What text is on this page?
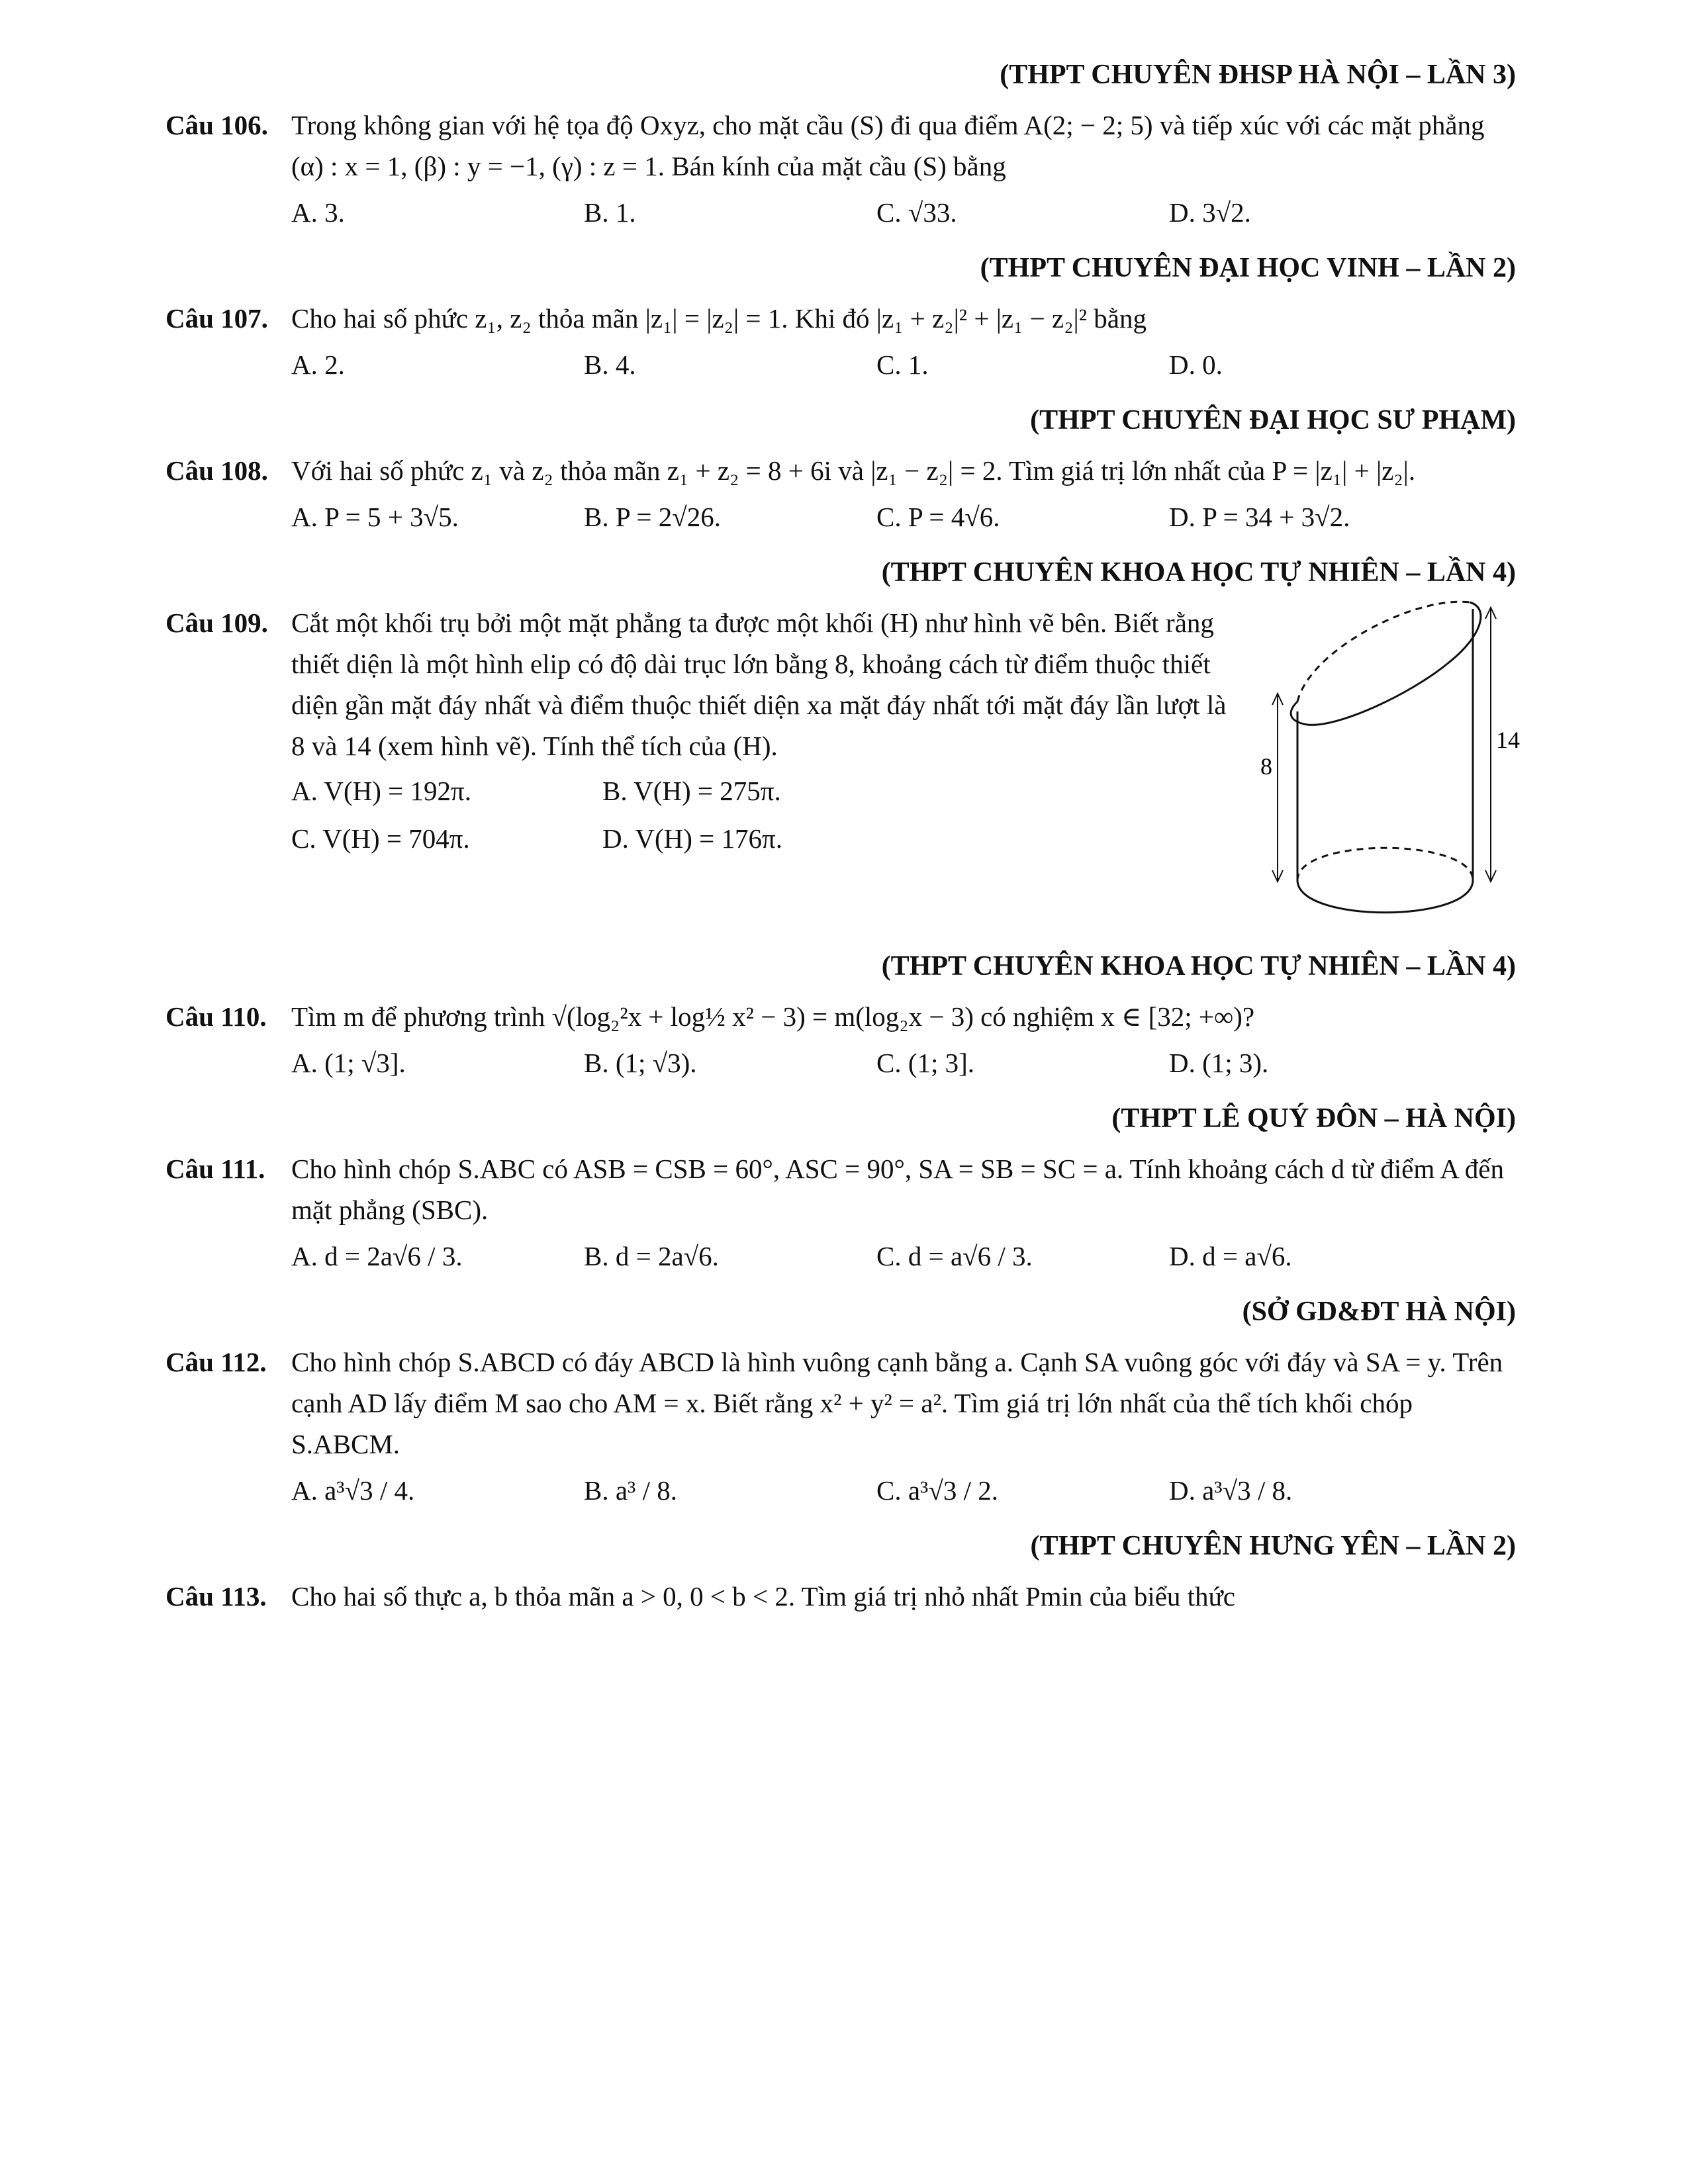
(THPT CHUYÊN ĐHSP HÀ NỘI – LẦN 3)
Câu 106. Trong không gian với hệ tọa độ Oxyz, cho mặt cầu (S) đi qua điểm A(2; − 2; 5) và tiếp xúc với các mặt phẳng (α) : x = 1, (β) : y = −1, (γ) : z = 1. Bán kính của mặt cầu (S) bằng
A. 3.	B. 1.	C. √33.	D. 3√2.
(THPT CHUYÊN ĐẠI HỌC VINH – LẦN 2)
Câu 107. Cho hai số phức z₁, z₂ thỏa mãn |z₁| = |z₂| = 1. Khi đó |z₁ + z₂|² + |z₁ − z₂|² bằng
A. 2.	B. 4.	C. 1.	D. 0.
(THPT CHUYÊN ĐẠI HỌC SƯ PHẠM)
Câu 108. Với hai số phức z₁ và z₂ thỏa mãn z₁ + z₂ = 8 + 6i và |z₁ − z₂| = 2. Tìm giá trị lớn nhất của P = |z₁| + |z₂|.
A. P = 5 + 3√5.	B. P = 2√26.	C. P = 4√6.	D. P = 34 + 3√2.
(THPT CHUYÊN KHOA HỌC TỰ NHIÊN – LẦN 4)
Câu 109. Cắt một khối trụ bởi một mặt phẳng ta được một khối (H) như hình vẽ bên. Biết rằng thiết diện là một hình elip có độ dài trục lớn bằng 8, khoảng cách từ điểm thuộc thiết diện gần mặt đáy nhất và điểm thuộc thiết diện xa mặt đáy nhất tới mặt đáy lần lượt là 8 và 14 (xem hình vẽ). Tính thể tích của (H).
A. V(H) = 192π.	B. V(H) = 275π.
C. V(H) = 704π.	D. V(H) = 176π.
8
14
(THPT CHUYÊN KHOA HỌC TỰ NHIÊN – LẦN 4)
Câu 110. Tìm m để phương trình √(log₂²x + log½ x² − 3) = m(log₂x − 3) có nghiệm x ∈ [32; +∞)?
A. (1; √3].	B. (1; √3).	C. (1; 3].	D. (1; 3).
(THPT LÊ QUÝ ĐÔN – HÀ NỘI)
Câu 111. Cho hình chóp S.ABC có ASB = CSB = 60°, ASC = 90°, SA = SB = SC = a. Tính khoảng cách d từ điểm A đến mặt phẳng (SBC).
A. d = 2a√6 / 3.	B. d = 2a√6.	C. d = a√6 / 3.	D. d = a√6.
(SỞ GD&ĐT HÀ NỘI)
Câu 112. Cho hình chóp S.ABCD có đáy ABCD là hình vuông cạnh bằng a. Cạnh SA vuông góc với đáy và SA = y. Trên cạnh AD lấy điểm M sao cho AM = x. Biết rằng x² + y² = a². Tìm giá trị lớn nhất của thể tích khối chóp S.ABCM.
A. a³√3 / 4.	B. a³ / 8.	C. a³√3 / 2.	D. a³√3 / 8.
(THPT CHUYÊN HƯNG YÊN – LẦN 2)
Câu 113. Cho hai số thực a, b thỏa mãn a > 0, 0 < b < 2. Tìm giá trị nhỏ nhất Pmin của biểu thức
